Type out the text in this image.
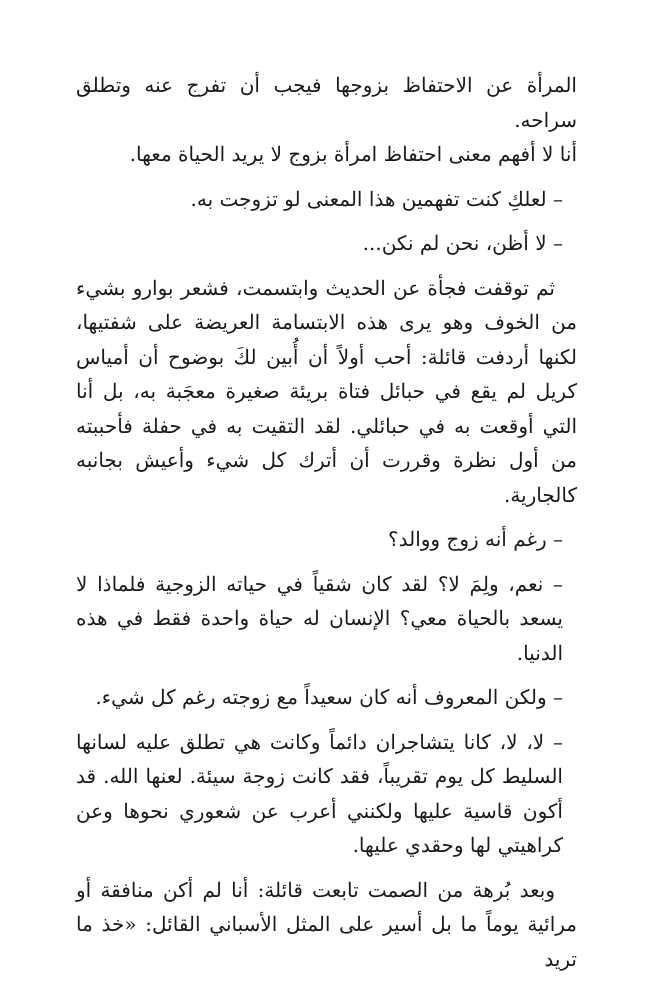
المرأة عن الاحتفاظ بزوجها فيجب أن تفرج عنه وتطلق سراحه.
أنا لا أفهم معنى احتفاظ امرأة بزوج لا يريد الحياة معها.

– لعلكِ كنت تفهمين هذا المعنى لو تزوجت به.

– لا أظن، نحن لم نكن...

ثم توقفت فجأة عن الحديث وابتسمت، فشعر بوارو بشيء من الخوف وهو يرى هذه الابتسامة العريضة على شفتيها، لكنها أردفت قائلة: أحب أولاً أن أُبين لكَ بوضوح أن أمياس كريل لم يقع في حبائل فتاة بريئة صغيرة معجَبة به، بل أنا التي أوقعت به في حبائلي. لقد التقيت به في حفلة فأحببته من أول نظرة وقررت أن أترك كل شيء وأعيش بجانبه كالجارية.

– رغم أنه زوج ووالد؟

– نعم، ولِمَ لا؟ لقد كان شقياً في حياته الزوجية فلماذا لا يسعد بالحياة معي؟ الإنسان له حياة واحدة فقط في هذه الدنيا.

– ولكن المعروف أنه كان سعيداً مع زوجته رغم كل شيء.

– لا، لا، كانا يتشاجران دائماً وكانت هي تطلق عليه لسانها السليط كل يوم تقريباً، فقد كانت زوجة سيئة. لعنها الله. قد أكون قاسية عليها ولكنني أعرب عن شعوري نحوها وعن كراهيتي لها وحقدي عليها.

وبعد بُرهة من الصمت تابعت قائلة: أنا لم أكن منافقة أو مرائية يوماً ما بل أسير على المثل الأسباني القائل: «خذ ما تريد
